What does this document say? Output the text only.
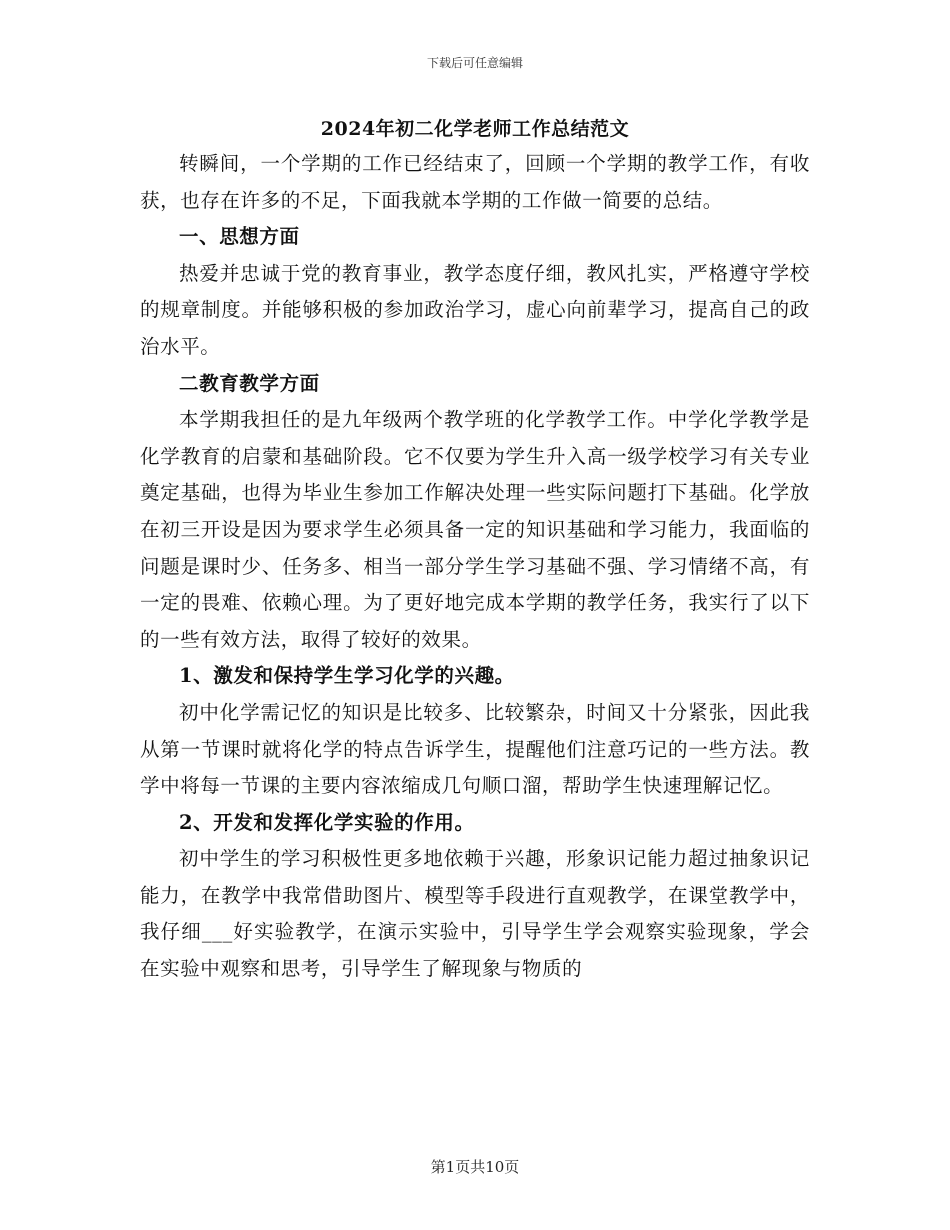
下载后可任意编辑
2024年初二化学老师工作总结范文

转瞬间，一个学期的工作已经结束了，回顾一个学期的教学工作，有收获，也存在许多的不足，下面我就本学期的工作做一简要的总结。

一、思想方面

热爱并忠诚于党的教育事业，教学态度仔细，教风扎实，严格遵守学校的规章制度。并能够积极的参加政治学习，虚心向前辈学习，提高自己的政治水平。

二教育教学方面

本学期我担任的是九年级两个教学班的化学教学工作。中学化学教学是化学教育的启蒙和基础阶段。它不仅要为学生升入高一级学校学习有关专业奠定基础，也得为毕业生参加工作解决处理一些实际问题打下基础。化学放在初三开设是因为要求学生必须具备一定的知识基础和学习能力，我面临的问题是课时少、任务多、相当一部分学生学习基础不强、学习情绪不高，有一定的畏难、依赖心理。为了更好地完成本学期的教学任务，我实行了以下的一些有效方法，取得了较好的效果。

1、激发和保持学生学习化学的兴趣。

初中化学需记忆的知识是比较多、比较繁杂，时间又十分紧张，因此我从第一节课时就将化学的特点告诉学生，提醒他们注意巧记的一些方法。教学中将每一节课的主要内容浓缩成几句顺口溜，帮助学生快速理解记忆。

2、开发和发挥化学实验的作用。

初中学生的学习积极性更多地依赖于兴趣，形象识记能力超过抽象识记能力，在教学中我常借助图片、模型等手段进行直观教学，在课堂教学中，我仔细___好实验教学，在演示实验中，引导学生学会观察实验现象，学会在实验中观察和思考，引导学生了解现象与物质的

第1页共10页
